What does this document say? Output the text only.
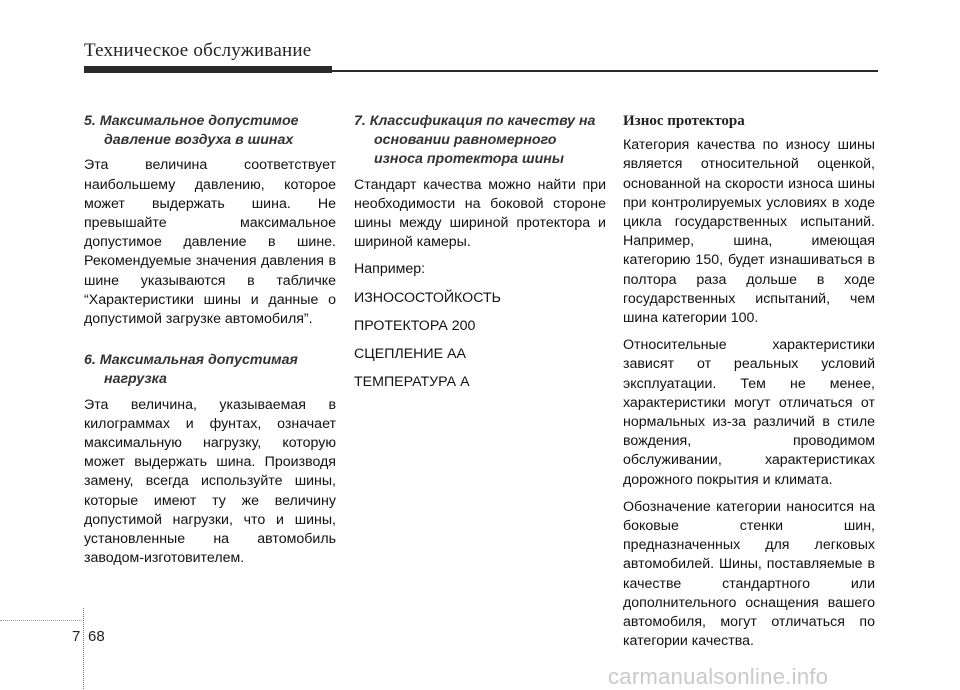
Техническое обслуживание

5. Максимальное допустимое давление воздуха в шинах

Эта величина соответствует наибольшему давлению, которое может выдержать шина. Не превышайте максимальное допустимое давление в шине. Рекомендуемые значения давления в шине указываются в табличке “Характеристики шины и данные о допустимой загрузке автомобиля”.

6. Максимальная допустимая нагрузка

Эта величина, указываемая в килограммах и фунтах, означает максимальную нагрузку, которую может выдержать шина. Производя замену, всегда используйте шины, которые имеют ту же величину допустимой нагрузки, что и шины, установленные на автомобиль заводом-изготовителем.

7. Классификация по качеству на основании равномерного износа протектора шины

Стандарт качества можно найти при необходимости на боковой стороне шины между шириной протектора и шириной камеры.

Например:

ИЗНОСОСТОЙКОСТЬ

ПРОТЕКТОРА 200

СЦЕПЛЕНИЕ АА

ТЕМПЕРАТУРА А

Износ протектора

Категория качества по износу шины является относительной оценкой, основанной на скорости износа шины при контролируемых условиях в ходе цикла государственных испытаний. Например, шина, имеющая категорию 150, будет изнашиваться в полтора раза дольше в ходе государственных испытаний, чем шина категории 100.

Относительные характеристики зависят от реальных условий эксплуатации. Тем не менее, характеристики могут отличаться от нормальных из-за различий в стиле вождения, проводимом обслуживании, характеристиках дорожного покрытия и климата.

Обозначение категории наносится на боковые стенки шин, предназначенных для легковых автомобилей. Шины, поставляемые в качестве стандартного или дополнительного оснащения вашего автомобиля, могут отличаться по категории качества.

7 68
carmanualsonline.info
